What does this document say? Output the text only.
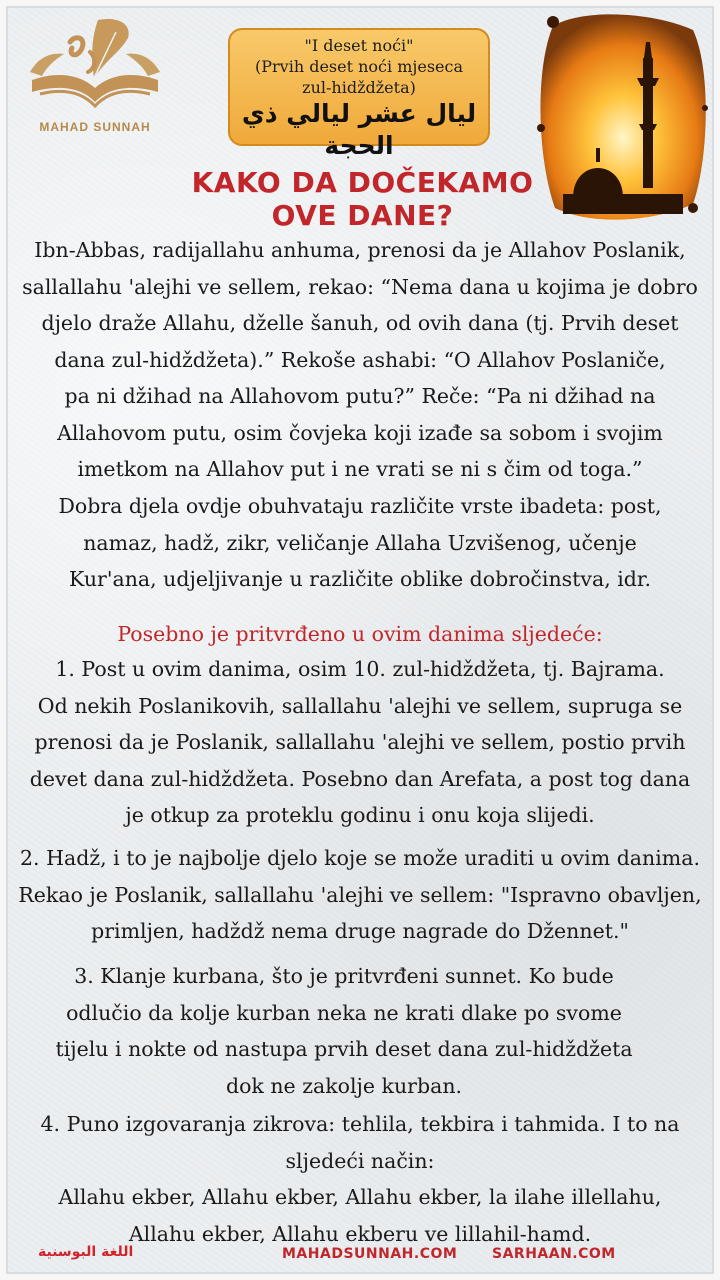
MAHAD SUNNAH
"I deset noći"
(Prvih deset noći mjeseca
zul-hidždžeta)
ليال عشر ليالي ذي الحجة
KAKO DA DOČEKAMO
OVE DANE?
Ibn-Abbas, radijallahu anhuma, prenosi da je Allahov Poslanik,
sallallahu 'alejhi ve sellem, rekao: “Nema dana u kojima je dobro
djelo draže Allahu, dželle šanuh, od ovih dana (tj. Prvih deset
dana zul-hidždžeta).” Rekoše ashabi: “O Allahov Poslaniče,
pa ni džihad na Allahovom putu?” Reče: “Pa ni džihad na
Allahovom putu, osim čovjeka koji izađe sa sobom i svojim
imetkom na Allahov put i ne vrati se ni s čim od toga.”
Dobra djela ovdje obuhvataju različite vrste ibadeta: post,
namaz, hadž, zikr, veličanje Allaha Uzvišenog, učenje
Kur'ana, udjeljivanje u različite oblike dobročinstva, idr.
Posebno je pritvrđeno u ovim danima sljedeće:
1. Post u ovim danima, osim 10. zul-hidždžeta, tj. Bajrama.
Od nekih Poslanikovih, sallallahu 'alejhi ve sellem, supruga se
prenosi da je Poslanik, sallallahu 'alejhi ve sellem, postio prvih
devet dana zul-hidždžeta. Posebno dan Arefata, a post tog dana
je otkup za proteklu godinu i onu koja slijedi.
2. Hadž, i to je najbolje djelo koje se može uraditi u ovim danima.
Rekao je Poslanik, sallallahu 'alejhi ve sellem: "Ispravno obavljen,
primljen, hadždž nema druge nagrade do Džennet."
3. Klanje kurbana, što je pritvrđeni sunnet. Ko bude
odlučio da kolje kurban neka ne krati dlake po svome
tijelu i nokte od nastupa prvih deset dana zul-hidždžeta
dok ne zakolje kurban.
4. Puno izgovaranja zikrova: tehlila, tekbira i tahmida. I to na
sljedeći način:
Allahu ekber, Allahu ekber, Allahu ekber, la ilahe illellahu,
Allahu ekber, Allahu ekberu ve lillahil-hamd.
اللغة البوسنية	MAHADSUNNAH.COM SARHAAN.COM
